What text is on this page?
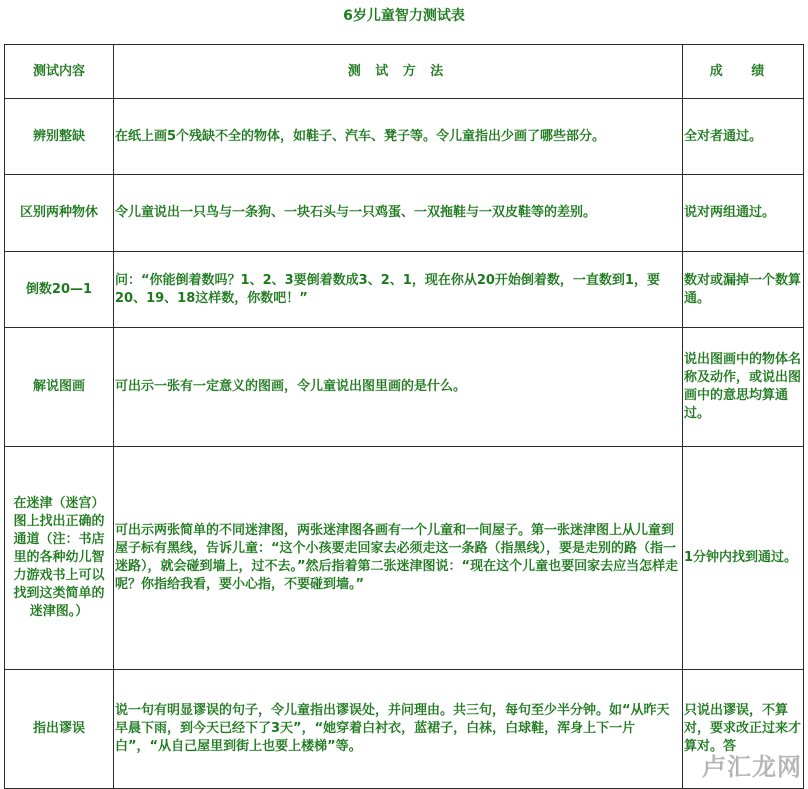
6岁儿童智力测试表
测试内容	测 试 方 法	成 绩
辨别整缺	在纸上画5个残缺不全的物体，如鞋子、汽车、凳子等。令儿童指出少画了哪些部分。	全对者通过。
区别两种物休	令儿童说出一只鸟与一条狗、一块石头与一只鸡蛋、一双拖鞋与一双皮鞋等的差别。	说对两组通过。
倒数20—1	问：“你能倒着数吗？1、2、3要倒着数成3、2、1，现在你从20开始倒着数，一直数到1，要20、19、18这样数，你数吧！”	数对或漏掉一个数算通。
解说图画	可出示一张有一定意义的图画，令儿童说出图里画的是什么。	说出图画中的物体名称及动作，或说出图画中的意思均算通过。
在迷津（迷宫）图上找出正确的通道（注：书店里的各种幼儿智力游戏书上可以找到这类简单的迷津图。）	可出示两张简单的不同迷津图，两张迷津图各画有一个儿童和一间屋子。第一张迷津图上从儿童到屋子标有黑线，告诉儿童：“这个小孩要走回家去必须走这一条路（指黑线），要是走别的路（指一迷路），就会碰到墙上，过不去。”然后指着第二张迷津图说：“现在这个儿童也要回家去应当怎样走呢？你指给我看，要小心指，不要碰到墙。”	1分钟内找到通过。
指出谬误	说一句有明显谬误的句子，令儿童指出谬误处，并问理由。共三句，每句至少半分钟。如“从昨天早晨下雨，到今天已经下了3天”，“她穿着白衬衣，蓝裙子，白袜，白球鞋，浑身上下一片白”，“从自己屋里到街上也要上楼梯”等。	只说出谬误，不算对，要求改正过来才算对。答
卢汇龙网
